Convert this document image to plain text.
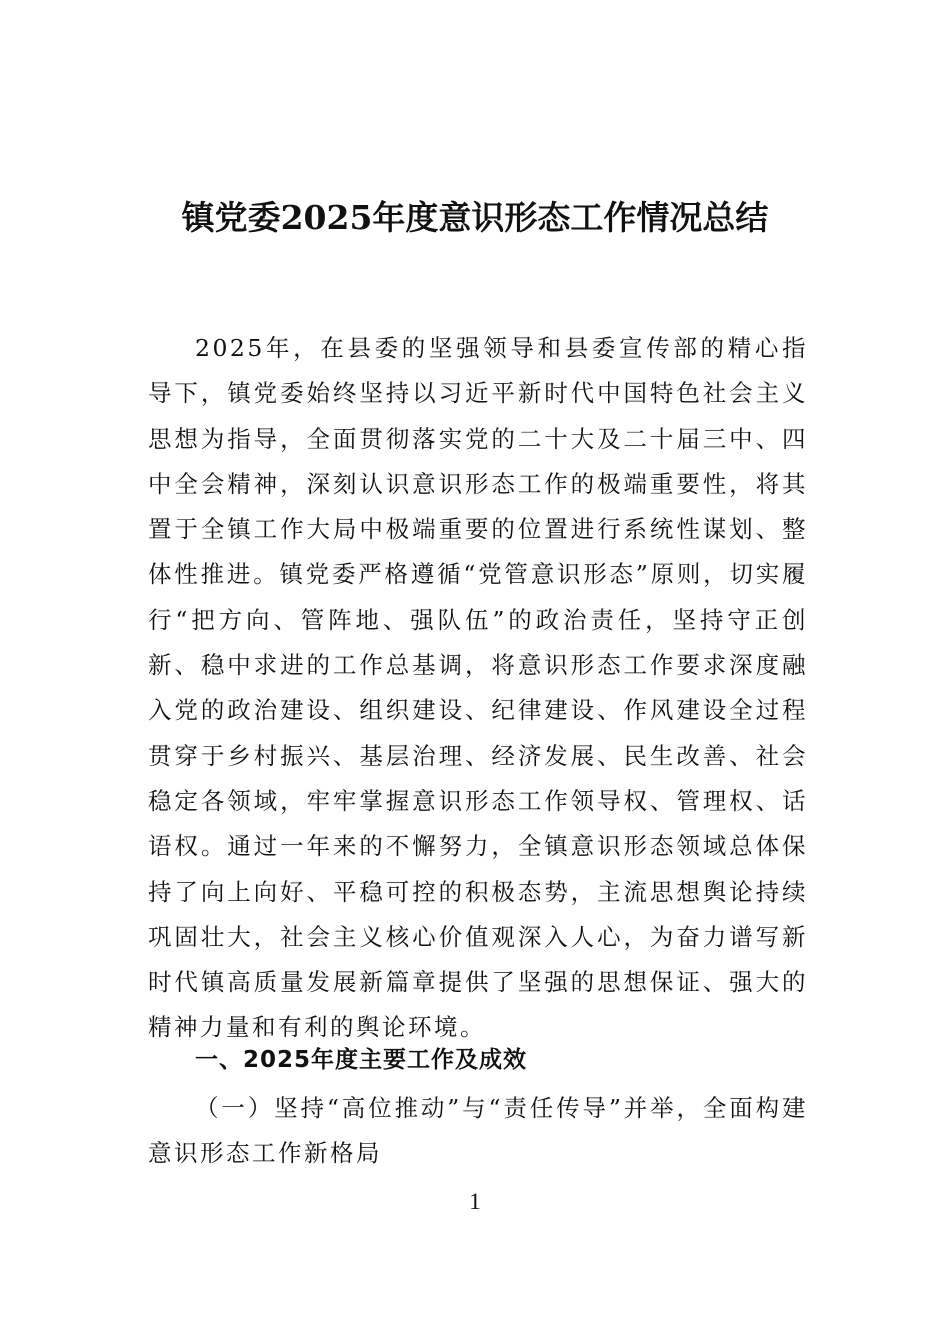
镇党委2025年度意识形态工作情况总结

2025年，在县委的坚强领导和县委宣传部的精心指导下，镇党委始终坚持以习近平新时代中国特色社会主义思想为指导，全面贯彻落实党的二十大及二十届三中、四中全会精神，深刻认识意识形态工作的极端重要性，将其置于全镇工作大局中极端重要的位置进行系统性谋划、整体性推进。镇党委严格遵循“党管意识形态”原则，切实履行“把方向、管阵地、强队伍”的政治责任，坚持守正创新、稳中求进的工作总基调，将意识形态工作要求深度融入党的政治建设、组织建设、纪律建设、作风建设全过程贯穿于乡村振兴、基层治理、经济发展、民生改善、社会稳定各领域，牢牢掌握意识形态工作领导权、管理权、话语权。通过一年来的不懈努力，全镇意识形态领域总体保持了向上向好、平稳可控的积极态势，主流思想舆论持续巩固壮大，社会主义核心价值观深入人心，为奋力谱写新时代镇高质量发展新篇章提供了坚强的思想保证、强大的精神力量和有利的舆论环境。

一、2025年度主要工作及成效

（一）坚持“高位推动”与“责任传导”并举，全面构建意识形态工作新格局

1
